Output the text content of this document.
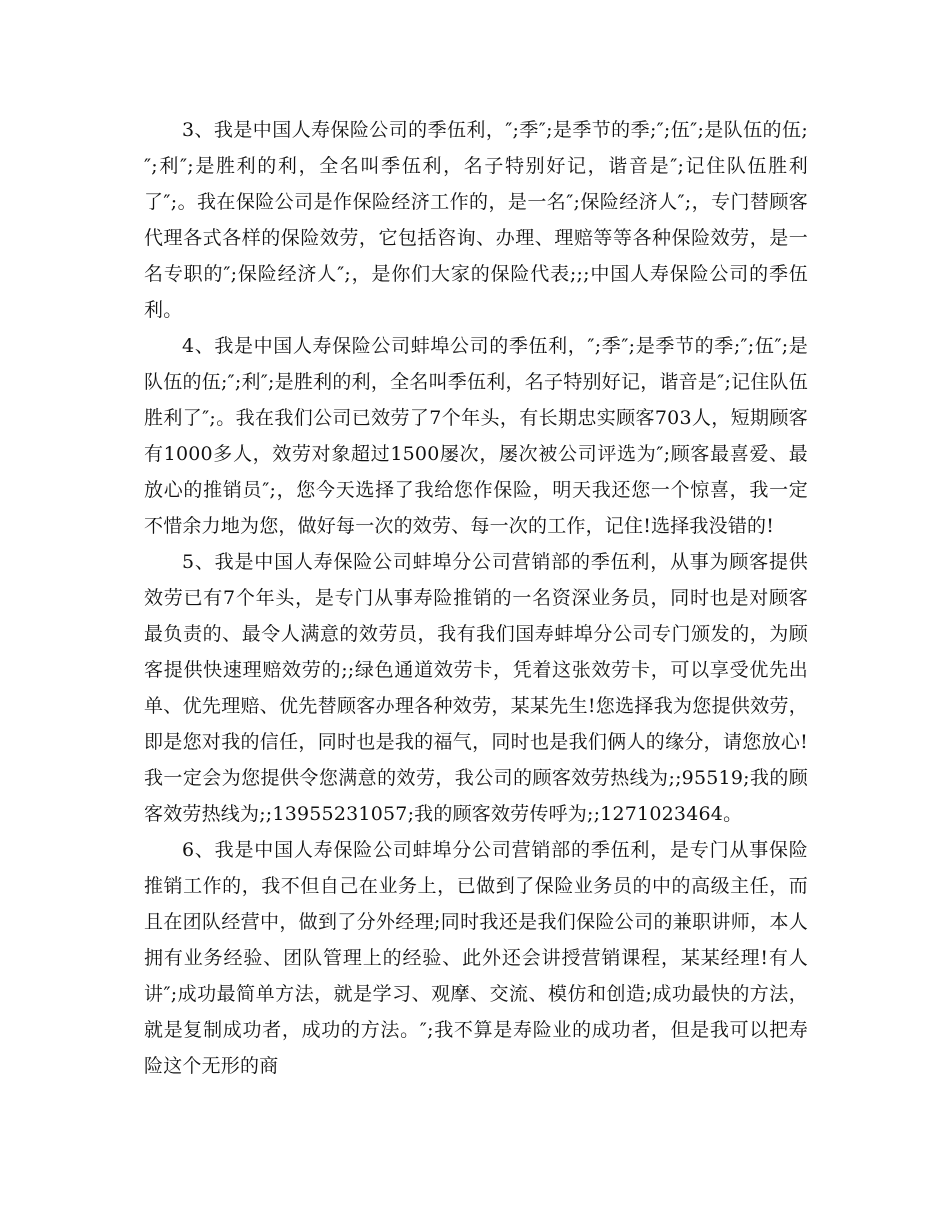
3、我是中国人寿保险公司的季伍利，″;季″;是季节的季;″;伍″;是队伍的伍;″;利″;是胜利的利，全名叫季伍利，名子特别好记，谐音是″;记住队伍胜利了″;。我在保险公司是作保险经济工作的，是一名″;保险经济人″;，专门替顾客代理各式各样的保险效劳，它包括咨询、办理、理赔等等各种保险效劳，是一名专职的″;保险经济人″;，是你们大家的保险代表;;;中国人寿保险公司的季伍利。

4、我是中国人寿保险公司蚌埠公司的季伍利，″;季″;是季节的季;″;伍″;是队伍的伍;″;利″;是胜利的利，全名叫季伍利，名子特别好记，谐音是″;记住队伍胜利了″;。我在我们公司已效劳了7个年头，有长期忠实顾客703人，短期顾客有1000多人，效劳对象超过1500屡次，屡次被公司评选为″;顾客最喜爱、最放心的推销员″;，您今天选择了我给您作保险，明天我还您一个惊喜，我一定不惜余力地为您，做好每一次的效劳、每一次的工作，记住!选择我没错的!

5、我是中国人寿保险公司蚌埠分公司营销部的季伍利，从事为顾客提供效劳已有7个年头，是专门从事寿险推销的一名资深业务员，同时也是对顾客最负责的、最令人满意的效劳员，我有我们国寿蚌埠分公司专门颁发的，为顾客提供快速理赔效劳的;;绿色通道效劳卡，凭着这张效劳卡，可以享受优先出单、优先理赔、优先替顾客办理各种效劳，某某先生!您选择我为您提供效劳，即是您对我的信任，同时也是我的福气，同时也是我们俩人的缘分，请您放心!我一定会为您提供令您满意的效劳，我公司的顾客效劳热线为;;95519;我的顾客效劳热线为;;13955231057;我的顾客效劳传呼为;;1271023464。

6、我是中国人寿保险公司蚌埠分公司营销部的季伍利，是专门从事保险推销工作的，我不但自己在业务上，已做到了保险业务员的中的高级主任，而且在团队经营中，做到了分外经理;同时我还是我们保险公司的兼职讲师，本人拥有业务经验、团队管理上的经验、此外还会讲授营销课程，某某经理!有人讲″;成功最简单方法，就是学习、观摩、交流、模仿和创造;成功最快的方法，就是复制成功者，成功的方法。″;我不算是寿险业的成功者，但是我可以把寿险这个无形的商
